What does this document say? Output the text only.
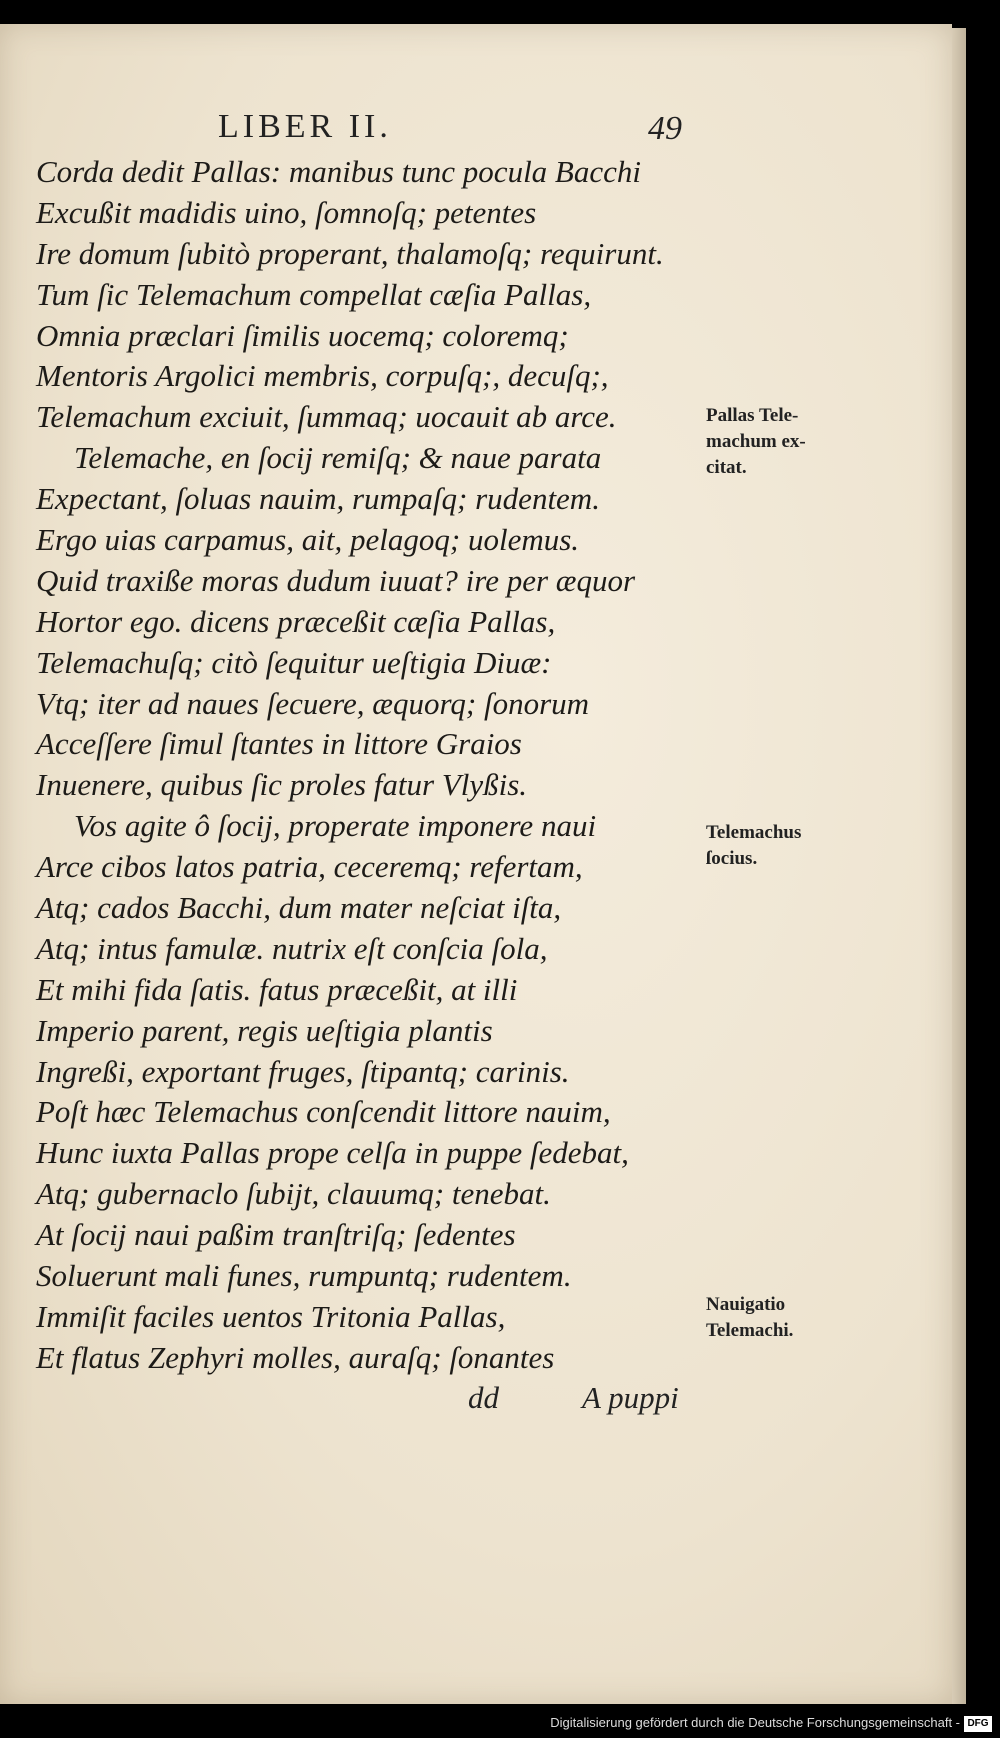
LIBER II.	49
Corda dedit Pallas: manibus tunc pocula Bacchi
Excußit madidis uino, ſomnoſq; petentes
Ire domum ſubitò properant, thalamoſq; requirunt.
Tum ſic Telemachum compellat cæſia Pallas,
Omnia præclari ſimilis uocemq; coloremq;
Mentoris Argolici membris, corpuſq;, decuſq;,
Telemachum exciuit, ſummaq; uocauit ab arce.
Telemache, en ſocij remiſq; & naue parata
Expectant, ſoluas nauim, rumpaſq; rudentem.
Ergo uias carpamus, ait, pelagoq; uolemus.
Quid traxiße moras dudum iuuat? ire per æquor
Hortor ego. dicens præceßit cæſia Pallas,
Telemachuſq; citò ſequitur ueſtigia Diuæ:
Vtq; iter ad naues ſecuere, æquorq; ſonorum
Acceſſere ſimul ſtantes in littore Graios
Inuenere, quibus ſic proles fatur Vlyßis.
Vos agite ô ſocij, properate imponere naui
Arce cibos latos patria, ceceremq; refertam,
Atq; cados Bacchi, dum mater neſciat iſta,
Atq; intus famulæ. nutrix eſt conſcia ſola,
Et mihi fida ſatis. fatus præceßit, at illi
Imperio parent, regis ueſtigia plantis
Ingreßi, exportant fruges, ſtipantq; carinis.
Poſt hæc Telemachus conſcendit littore nauim,
Hunc iuxta Pallas prope celſa in puppe ſedebat,
Atq; gubernaclo ſubijt, clauumq; tenebat.
At ſocij naui paßim tranſtriſq; ſedentes
Soluerunt mali funes, rumpuntq; rudentem.
Immiſit faciles uentos Tritonia Pallas,
Et flatus Zephyri molles, auraſq; ſonantes
Pallas Tele-
machum ex-
citat.
Telemachus
ſocius.
Nauigatio
Telemachi.
dd	A puppi
Digitalisierung gefördert durch die Deutsche Forschungsgemeinschaft - DFG
